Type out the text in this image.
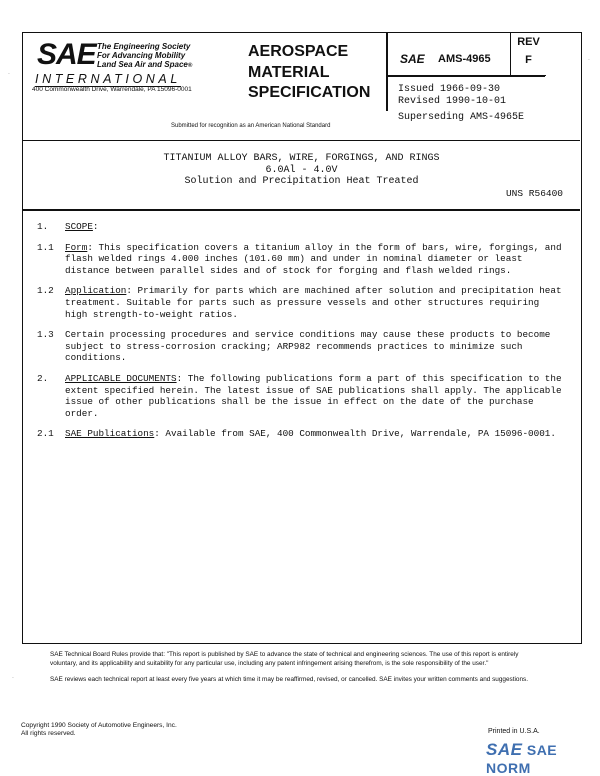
SAE The Engineering Society
For Advancing Mobility
Land Sea Air and Space®
INTERNATIONAL
400 Commonwealth Drive, Warrendale, PA 15096-0001
AEROSPACE
MATERIAL
SPECIFICATION
SAE AMS-4965
REV
F
Issued 1966-09-30
Revised 1990-10-01
Superseding AMS-4965E
Submitted for recognition as an American National Standard
TITANIUM ALLOY BARS, WIRE, FORGINGS, AND RINGS
6.0Al - 4.0V
Solution and Precipitation Heat Treated
UNS R56400
1. SCOPE:
1.1 Form: This specification covers a titanium alloy in the form of bars, wire, forgings, and flash welded rings 4.000 inches (101.60 mm) and under in nominal diameter or least distance between parallel sides and of stock for forging and flash welded rings.
1.2 Application: Primarily for parts which are machined after solution and precipitation heat treatment. Suitable for parts such as pressure vessels and other structures requiring high strength-to-weight ratios.
1.3 Certain processing procedures and service conditions may cause these products to become subject to stress-corrosion cracking; ARP982 recommends practices to minimize such conditions.
2. APPLICABLE DOCUMENTS: The following publications form a part of this specification to the extent specified herein. The latest issue of SAE publications shall apply. The applicable issue of other publications shall be the issue in effect on the date of the purchase order.
2.1 SAE Publications: Available from SAE, 400 Commonwealth Drive, Warrendale, PA 15096-0001.

SAE Technical Board Rules provide that: "This report is published by SAE to advance the state of technical and engineering sciences. The use of this report is entirely voluntary, and its applicability and suitability for any particular use, including any patent infringement arising therefrom, is the sole responsibility of the user."

SAE reviews each technical report at least every five years at which time it may be reaffirmed, revised, or cancelled. SAE invites your written comments and suggestions.

Copyright 1990 Society of Automotive Engineers, Inc.
All rights reserved.	Printed in U.S.A.
SAE SAE NORM
ˑ
ˑ
ˑ
